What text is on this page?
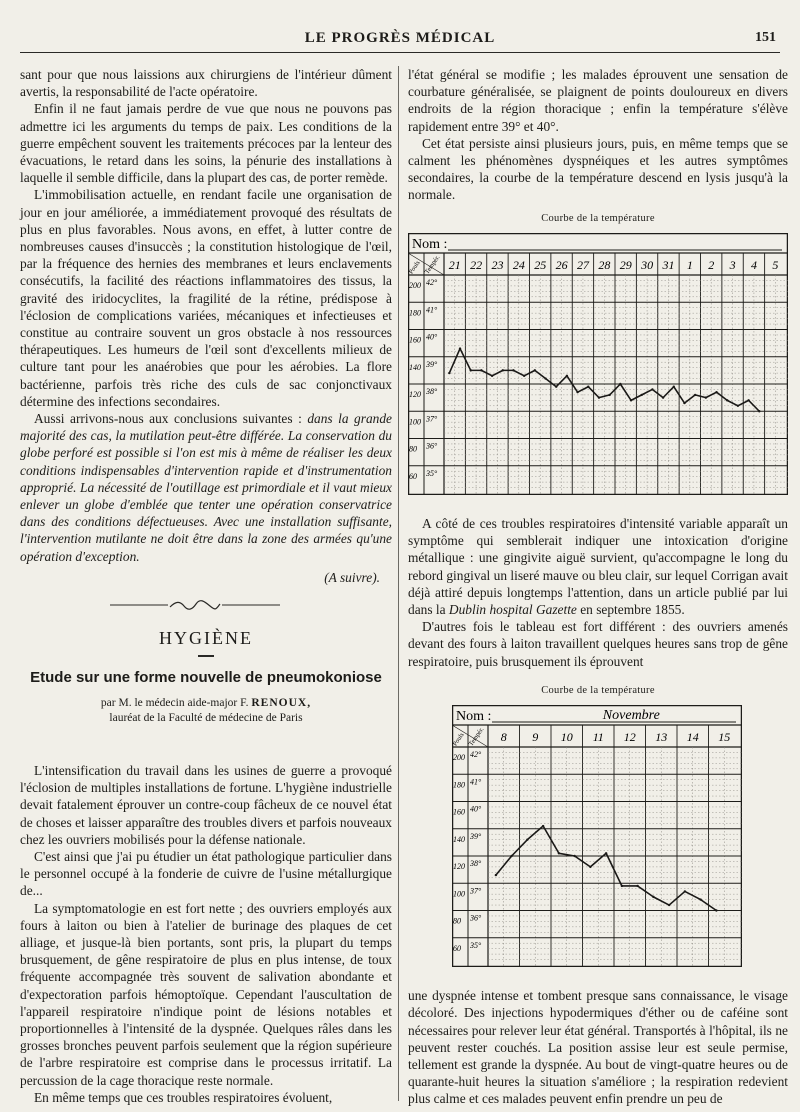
LE PROGRÈS MÉDICAL	151

sant pour que nous laissions aux chirurgiens de l'intérieur dûment avertis, la responsabilité de l'acte opératoire.

Enfin il ne faut jamais perdre de vue que nous ne pouvons pas admettre ici les arguments du temps de paix. Les conditions de la guerre empêchent souvent les traitements précoces par la lenteur des évacuations, le retard dans les soins, la pénurie des installations à laquelle il semble difficile, dans la plupart des cas, de porter remède.

L'immobilisation actuelle, en rendant facile une organisation de jour en jour améliorée, a immédiatement provoqué des résultats de plus en plus favorables. Nous avons, en effet, à lutter contre de nombreuses causes d'insuccès ; la constitution histologique de l'œil, par la fréquence des hernies des membranes et leurs enclavements consécutifs, la facilité des réactions inflammatoires des tissus, la gravité des iridocyclites, la fragilité de la rétine, prédispose à l'éclosion de complications variées, mécaniques et infectieuses et constitue au contraire souvent un gros obstacle à nos ressources thérapeutiques. Les humeurs de l'œil sont d'excellents milieux de culture tant pour les anaérobies que pour les aérobies. La flore bactérienne, parfois très riche des culs de sac conjonctivaux détermine des infections secondaires.

Aussi arrivons-nous aux conclusions suivantes : dans la grande majorité des cas, la mutilation peut-être différée. La conservation du globe perforé est possible si l'on est mis à même de réaliser les deux conditions indispensables d'intervention rapide et d'instrumentation approprié. La nécessité de l'outillage est primordiale et il vaut mieux enlever un globe d'emblée que tenter une opération conservatrice dans des conditions défectueuses. Avec une installation suffisante, l'intervention mutilante ne doit être dans la zone des armées qu'une opération d'exception.

(A suivre).
HYGIÈNE
Etude sur une forme nouvelle de pneumokoniose
par M. le médecin aide-major F. RENOUX,
lauréat de la Faculté de médecine de Paris

L'intensification du travail dans les usines de guerre a provoqué l'éclosion de multiples installations de fortune. L'hygiène industrielle devait fatalement éprouver un contre-coup fâcheux de ce nouvel état de choses et laisser apparaître des troubles divers et parfois nouveaux chez les ouvriers mobilisés pour la défense nationale.

C'est ainsi que j'ai pu étudier un état pathologique particulier dans le personnel occupé à la fonderie de cuivre de l'usine métallurgique de...

La symptomatologie en est fort nette ; des ouvriers employés aux fours à laiton ou bien à l'atelier de burinage des plaques de cet alliage, et jusque-là bien portants, sont pris, la plupart du temps brusquement, de gêne respiratoire de plus en plus intense, de toux fréquente accompagnée très souvent de salivation abondante et d'expectoration parfois hémoptoïque. Cependant l'auscultation de l'appareil respiratoire n'indique point de lésions notables et proportionnelles à l'intensité de la dyspnée. Quelques râles dans les grosses bronches peuvent parfois seulement que la région supérieure de l'arbre respiratoire est comprise dans le processus irritatif. La percussion de la cage thoracique reste normale.

En même temps que ces troubles respiratoires évoluent,

l'état général se modifie ; les malades éprouvent une sensation de courbature généralisée, se plaignent de points douloureux en divers endroits de la région thoracique ; enfin la température s'élève rapidement entre 39° et 40°.

Cet état persiste ainsi plusieurs jours, puis, en même temps que se calment les phénomènes dyspnéiques et les autres symptômes secondaires, la courbe de la température descend en lysis jusqu'à la normale.

Courbe de la température
Nom :
Pouls Tempér. 21 22 23 24 25 26 27 28 29 30 31 1 2 3 4 5
200 42°
180 41°
160 40°
140 39°
120 38°
100 37°
80 36°
60 35°

A côté de ces troubles respiratoires d'intensité variable apparaît un symptôme qui semblerait indiquer une intoxication d'origine métallique : une gingivite aiguë survient, qu'accompagne le long du rebord gingival un liseré mauve ou bleu clair, sur lequel Corrigan avait déjà attiré depuis longtemps l'attention, dans un article publié par lui dans la Dublin hospital Gazette en septembre 1855.

D'autres fois le tableau est fort différent : des ouvriers amenés devant des fours à laiton travaillent quelques heures sans trop de gêne respiratoire, puis brusquement ils éprouvent

Courbe de la température
Nom :	Novembre
Pouls Tempér. 8 9 10 11 12 13 14 15
200 42°
180 41°
160 40°
140 39°
120 38°
100 37°
80 36°
60 35°

une dyspnée intense et tombent presque sans connaissance, le visage décoloré. Des injections hypodermiques d'éther ou de caféine sont nécessaires pour relever leur état général. Transportés à l'hôpital, ils ne peuvent rester couchés. La position assise leur est seule permise, tellement est grande la dyspnée. Au bout de vingt-quatre heures ou de quarante-huit heures la situation s'améliore ; la respiration redevient plus calme et ces malades peuvent enfin prendre un peu de
